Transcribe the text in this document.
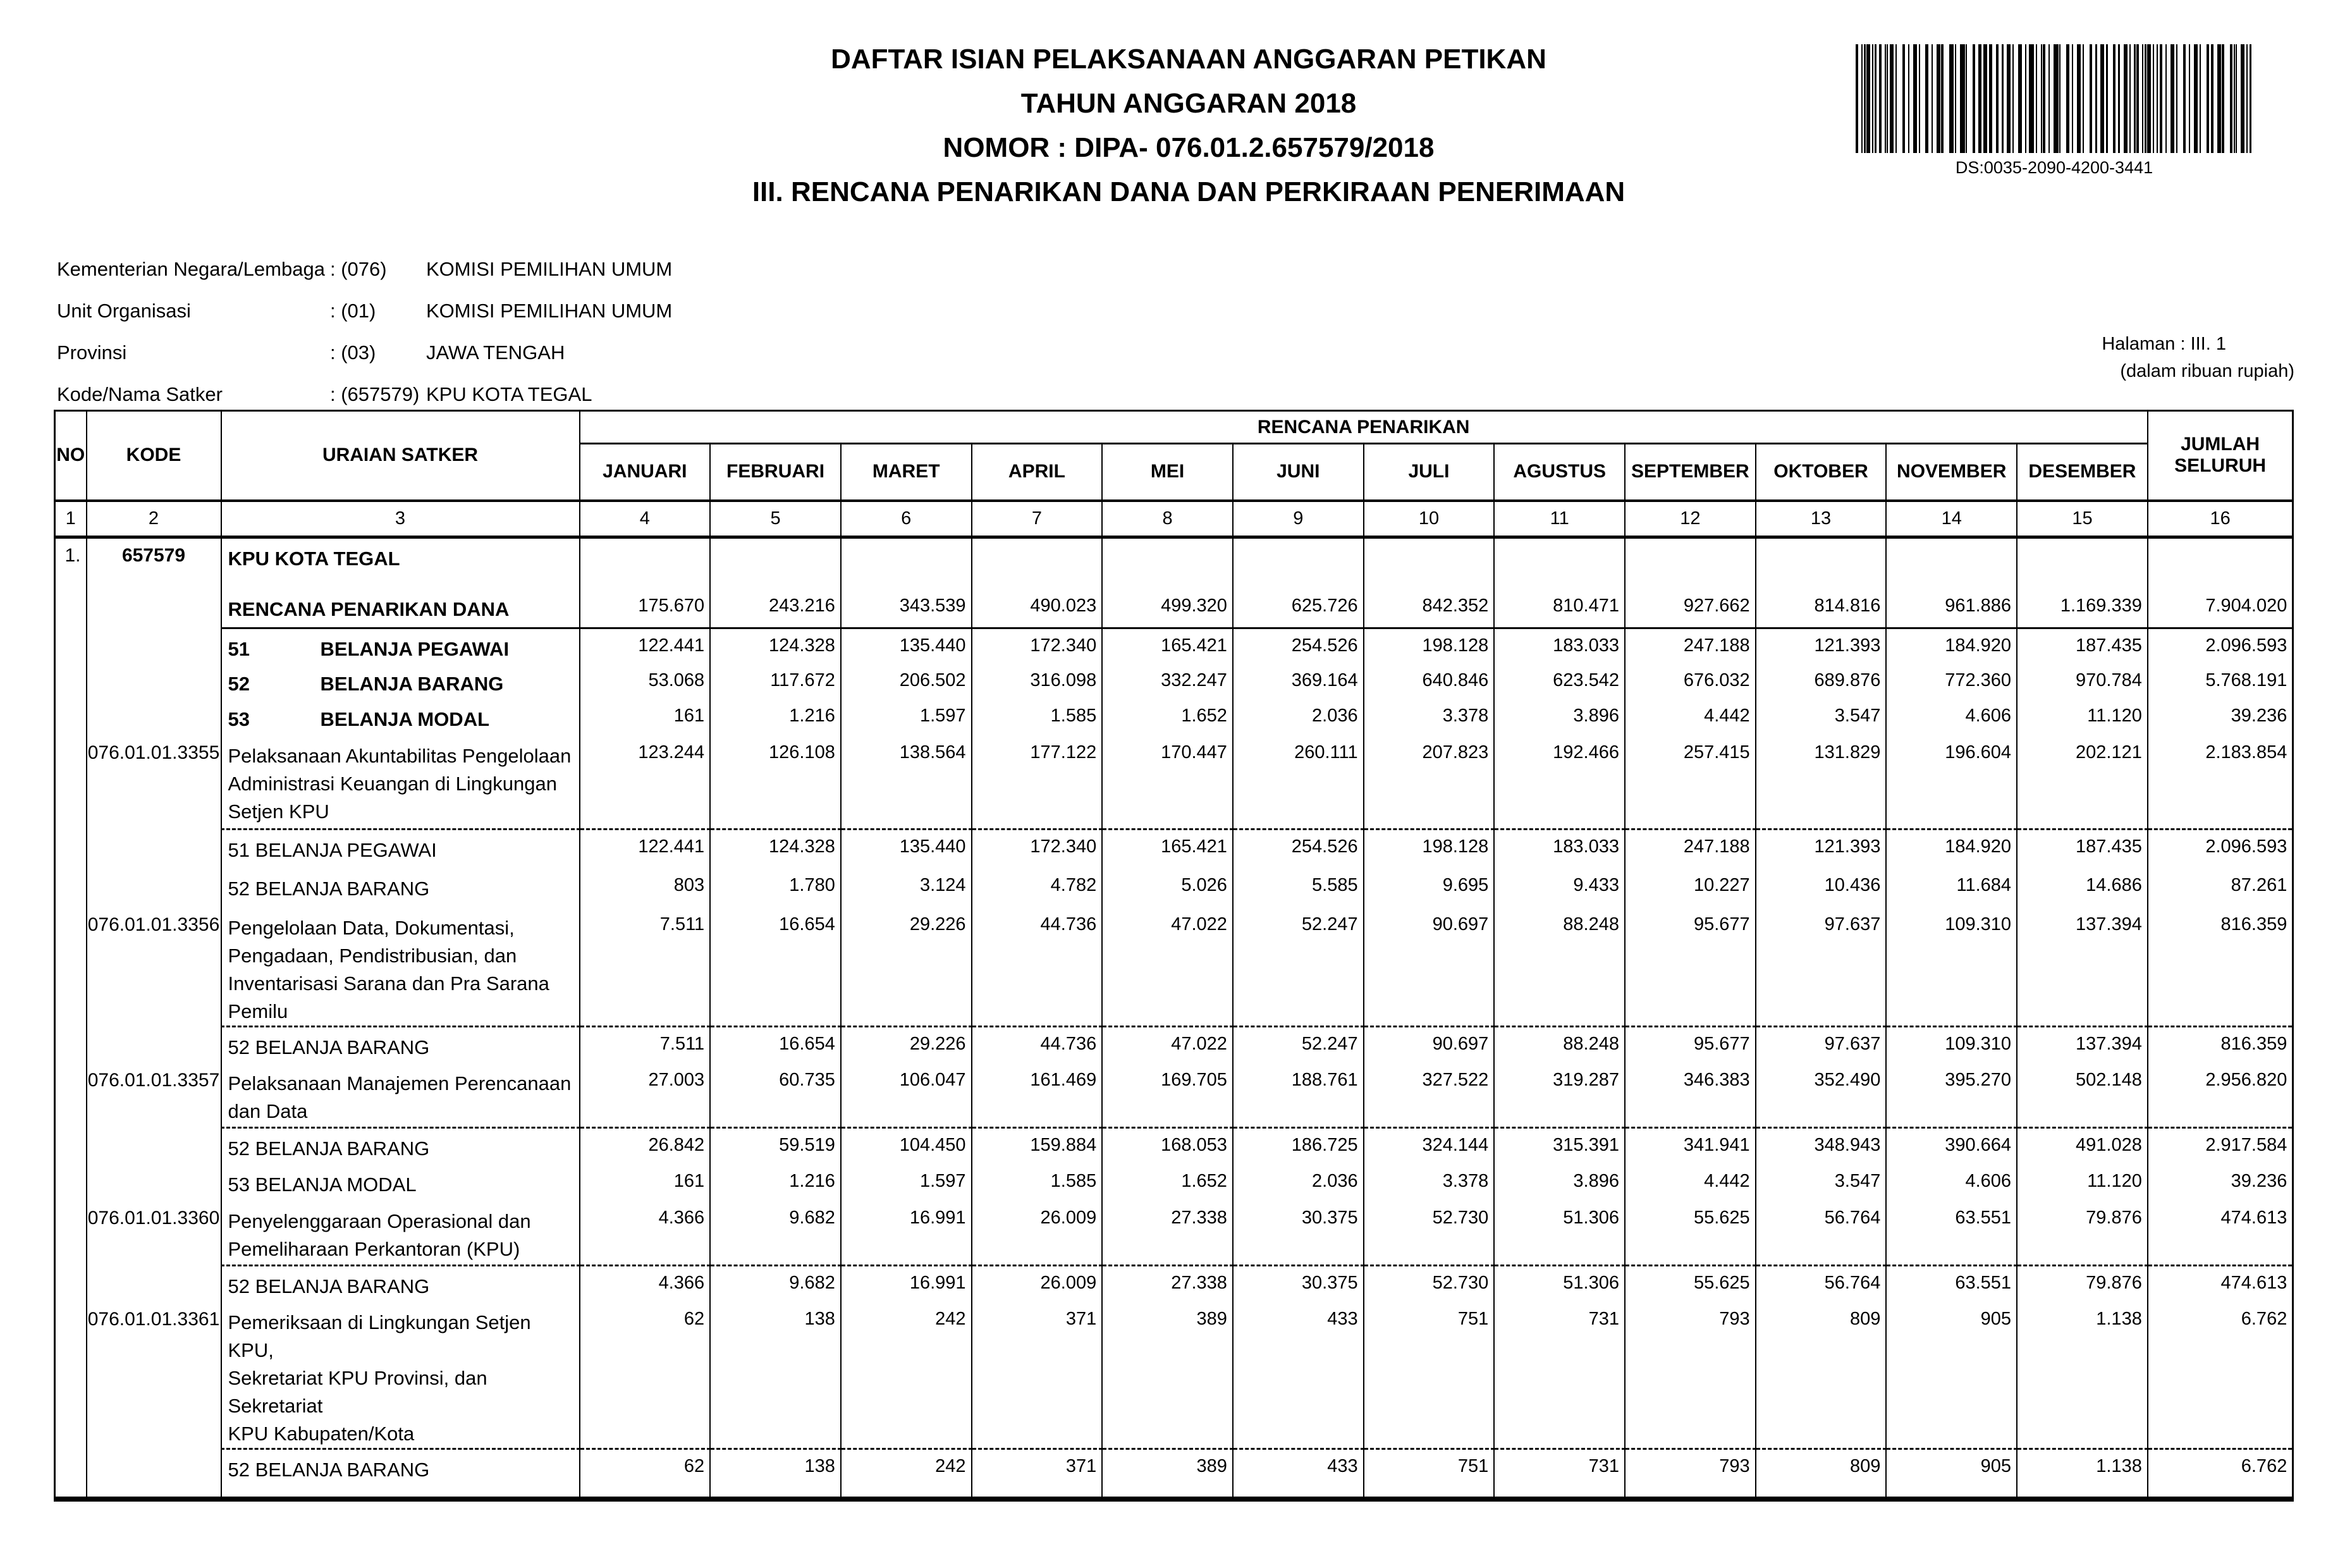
DAFTAR ISIAN PELAKSANAAN ANGGARAN PETIKAN
TAHUN ANGGARAN 2018
NOMOR : DIPA- 076.01.2.657579/2018
III. RENCANA PENARIKAN DANA DAN PERKIRAAN PENERIMAAN
DS:0035-2090-4200-3441
Kementerian Negara/Lembaga : (076)	KOMISI PEMILIHAN UMUM
Unit Organisasi	: (01)	KOMISI PEMILIHAN UMUM
Provinsi	: (03)	JAWA TENGAH
Kode/Nama Satker	: (657579) KPU KOTA TEGAL
Halaman : III. 1
(dalam ribuan rupiah)
NO	KODE	URAIAN SATKER	RENCANA PENARIKAN												JUMLAH SELURUH
			JANUARI	FEBRUARI	MARET	APRIL	MEI	JUNI	JULI	AGUSTUS	SEPTEMBER	OKTOBER	NOVEMBER	DESEMBER	
1	2	3	4	5	6	7	8	9	10	11	12	13	14	15	16
1.	657579	KPU KOTA TEGAL													

		RENCANA PENARIKAN DANA	175.670	243.216	343.539	490.023	499.320	625.726	842.352	810.471	927.662	814.816	961.886	1.169.339	7.904.020
		51 BELANJA PEGAWAI	122.441	124.328	135.440	172.340	165.421	254.526	198.128	183.033	247.188	121.393	184.920	187.435	2.096.593
		52 BELANJA BARANG	53.068	117.672	206.502	316.098	332.247	369.164	640.846	623.542	676.032	689.876	772.360	970.784	5.768.191
		53 BELANJA MODAL	161	1.216	1.597	1.585	1.652	2.036	3.378	3.896	4.442	3.547	4.606	11.120	39.236
	076.01.01.3355	Pelaksanaan Akuntabilitas Pengelolaan
Administrasi Keuangan di Lingkungan
Setjen KPU	123.244	126.108	138.564	177.122	170.447	260.111	207.823	192.466	257.415	131.829	196.604	202.121	2.183.854

		51 BELANJA PEGAWAI	122.441	124.328	135.440	172.340	165.421	254.526	198.128	183.033	247.188	121.393	184.920	187.435	2.096.593

		52 BELANJA BARANG	803	1.780	3.124	4.782	5.026	5.585	9.695	9.433	10.227	10.436	11.684	14.686	87.261
	076.01.01.3356	Pengelolaan Data, Dokumentasi,
Pengadaan, Pendistribusian, dan
Inventarisasi Sarana dan Pra Sarana
Pemilu	7.511	16.654	29.226	44.736	47.022	52.247	90.697	88.248	95.677	97.637	109.310	137.394	816.359

		52 BELANJA BARANG	7.511	16.654	29.226	44.736	47.022	52.247	90.697	88.248	95.677	97.637	109.310	137.394	816.359
	076.01.01.3357	Pelaksanaan Manajemen Perencanaan
dan Data	27.003	60.735	106.047	161.469	169.705	188.761	327.522	319.287	346.383	352.490	395.270	502.148	2.956.820

		52 BELANJA BARANG	26.842	59.519	104.450	159.884	168.053	186.725	324.144	315.391	341.941	348.943	390.664	491.028	2.917.584

		53 BELANJA MODAL	161	1.216	1.597	1.585	1.652	2.036	3.378	3.896	4.442	3.547	4.606	11.120	39.236
	076.01.01.3360	Penyelenggaraan Operasional dan
Pemeliharaan Perkantoran (KPU)	4.366	9.682	16.991	26.009	27.338	30.375	52.730	51.306	55.625	56.764	63.551	79.876	474.613

		52 BELANJA BARANG	4.366	9.682	16.991	26.009	27.338	30.375	52.730	51.306	55.625	56.764	63.551	79.876	474.613
	076.01.01.3361	Pemeriksaan di Lingkungan Setjen KPU,
Sekretariat KPU Provinsi, dan Sekretariat
KPU Kabupaten/Kota	62	138	242	371	389	433	751	731	793	809	905	1.138	6.762

		52 BELANJA BARANG	62	138	242	371	389	433	751	731	793	809	905	1.138	6.762
